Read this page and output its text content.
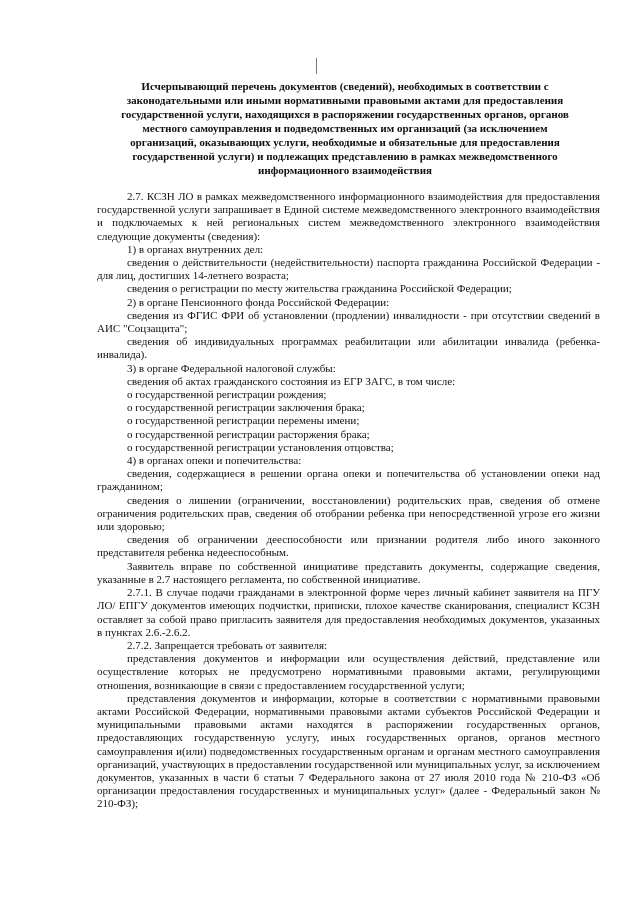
Исчерпывающий перечень документов (сведений), необходимых в соответствии с
законодательными или иными нормативными правовыми актами для предоставления
государственной услуги, находящихся в распоряжении государственных органов, органов
местного самоуправления и подведомственных им организаций (за исключением
организаций, оказывающих услуги, необходимые и обязательные для предоставления
государственной услуги) и подлежащих представлению в рамках межведомственного
информационного взаимодействия

2.7. КСЗН ЛО в рамках межведомственного информационного взаимодействия для предоставления государственной услуги запрашивает в Единой системе межведомственного электронного взаимодействия и подключаемых к ней региональных систем межведомственного электронного взаимодействия следующие документы (сведения):

1) в органах внутренних дел:

сведения о действительности (недействительности) паспорта гражданина Российской Федерации - для лиц, достигших 14-летнего возраста;

сведения о регистрации по месту жительства гражданина Российской Федерации;

2) в органе Пенсионного фонда Российской Федерации:

сведения из ФГИС ФРИ об установлении (продлении) инвалидности - при отсутствии сведений в АИС "Соцзащита";

сведения об индивидуальных программах реабилитации или абилитации инвалида (ребенка-инвалида).

3) в органе Федеральной налоговой службы:

сведения об актах гражданского состояния из ЕГР ЗАГС, в том числе:

о государственной регистрации рождения;

о государственной регистрации заключения брака;

о государственной регистрации перемены имени;

о государственной регистрации расторжения брака;

о государственной регистрации установления отцовства;

4) в органах опеки и попечительства:

сведения, содержащиеся в решении органа опеки и попечительства об установлении опеки над гражданином;

сведения о лишении (ограничении, восстановлении) родительских прав, сведения об отмене ограничения родительских прав, сведения об отобрании ребенка при непосредственной угрозе его жизни или здоровью;

сведения об ограничении дееспособности или признании родителя либо иного законного представителя ребенка недееспособным.

Заявитель вправе по собственной инициативе представить документы, содержащие сведения, указанные в 2.7 настоящего регламента, по собственной инициативе.

2.7.1. В случае подачи гражданами в электронной форме через личный кабинет заявителя на ПГУ ЛО/ ЕПГУ документов имеющих подчистки, приписки, плохое качестве сканирования, специалист КСЗН оставляет за собой право пригласить заявителя для предоставления необходимых документов, указанных в пунктах 2.6.-2.6.2.

2.7.2. Запрещается требовать от заявителя:

представления документов и информации или осуществления действий, представление или осуществление которых не предусмотрено нормативными правовыми актами, регулирующими отношения, возникающие в связи с предоставлением государственной услуги;

представления документов и информации, которые в соответствии с нормативными правовыми актами Российской Федерации, нормативными правовыми актами субъектов Российской Федерации и муниципальными правовыми актами находятся в распоряжении государственных органов, предоставляющих государственную услугу, иных государственных органов, органов местного самоуправления и(или) подведомственных государственным органам и органам местного самоуправления организаций, участвующих в предоставлении государственной или муниципальных услуг, за исключением документов, указанных в части 6 статьи 7 Федерального закона от 27 июля 2010 года № 210-ФЗ «Об организации предоставления государственных и муниципальных услуг» (далее - Федеральный закон № 210-ФЗ);
